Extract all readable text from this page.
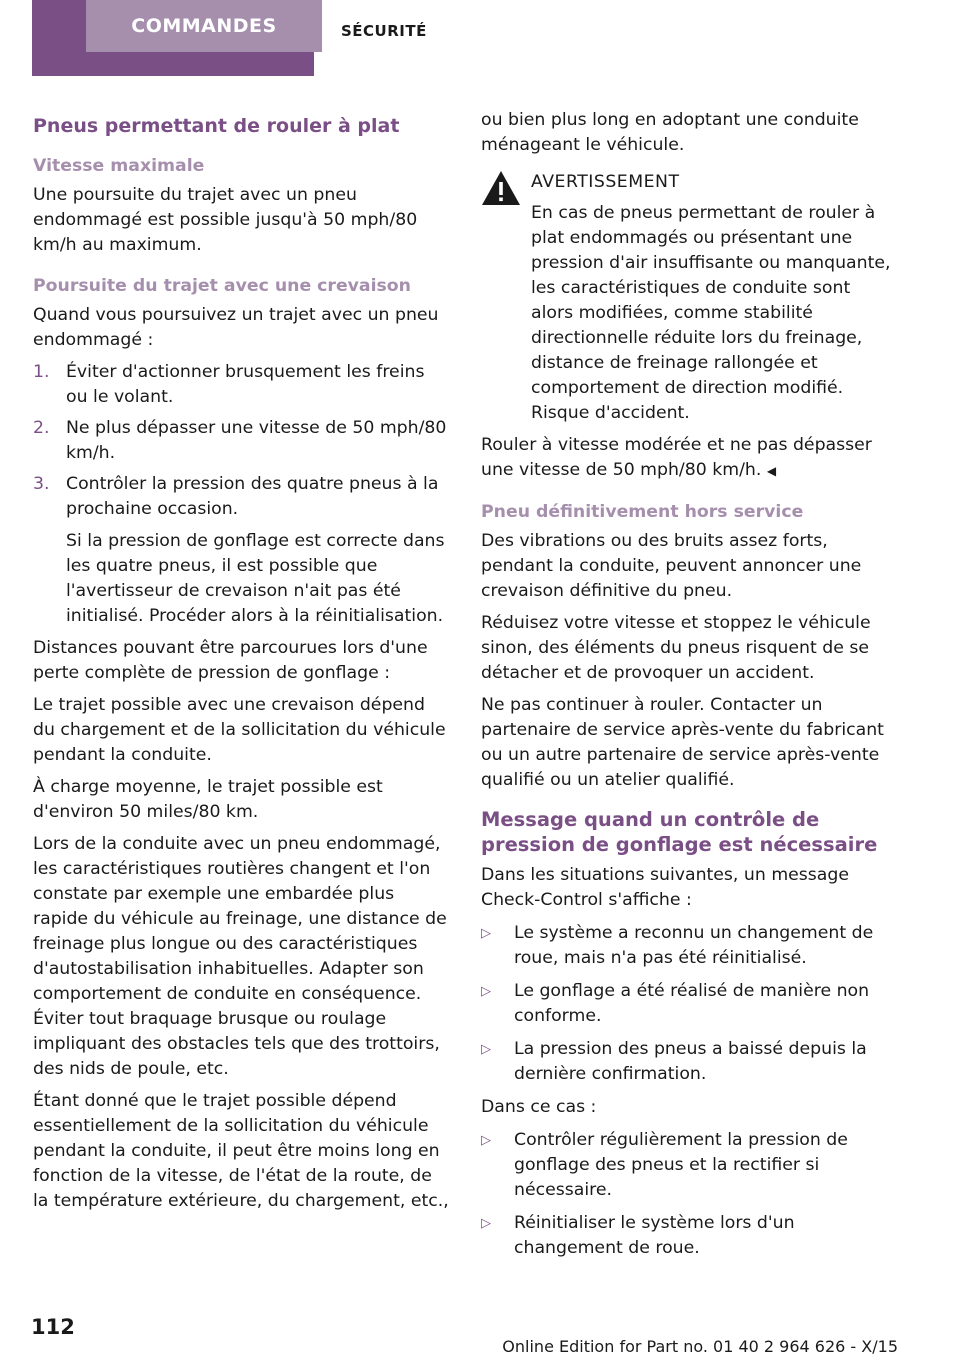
COMMANDES	SÉCURITÉ
Pneus permettant de rouler à plat
Vitesse maximale

Une poursuite du trajet avec un pneu endommagé est possible jusqu'à 50 mph/80 km/h au maximum.

Poursuite du trajet avec une crevaison

Quand vous poursuivez un trajet avec un pneu endommagé :

1. Éviter d'actionner brusquement les freins ou le volant.
2. Ne plus dépasser une vitesse de 50 mph/80 km/h.
3. Contrôler la pression des quatre pneus à la prochaine occasion.
Si la pression de gonflage est correcte dans les quatre pneus, il est possible que l'avertisseur de crevaison n'ait pas été initialisé. Procéder alors à la réinitialisation.

Distances pouvant être parcourues lors d'une perte complète de pression de gonflage :

Le trajet possible avec une crevaison dépend du chargement et de la sollicitation du véhicule pendant la conduite.

À charge moyenne, le trajet possible est d'environ 50 miles/80 km.

Lors de la conduite avec un pneu endommagé, les caractéristiques routières changent et l'on constate par exemple une embardée plus rapide du véhicule au freinage, une distance de freinage plus longue ou des caractéristiques d'autostabilisation inhabituelles. Adapter son comportement de conduite en conséquence. Éviter tout braquage brusque ou roulage impliquant des obstacles tels que des trottoirs, des nids de poule, etc.

Étant donné que le trajet possible dépend essentiellement de la sollicitation du véhicule pendant la conduite, il peut être moins long en fonction de la vitesse, de l'état de la route, de la température extérieure, du chargement, etc.,

ou bien plus long en adoptant une conduite ménageant le véhicule.

AVERTISSEMENT
En cas de pneus permettant de rouler à plat endommagés ou présentant une pression d'air insuffisante ou manquante, les caractéristiques de conduite sont alors modifiées, comme stabilité directionnelle réduite lors du freinage, distance de freinage rallongée et comportement de direction modifié. Risque d'accident.

Rouler à vitesse modérée et ne pas dépasser une vitesse de 50 mph/80 km/h. ◀

Pneu définitivement hors service

Des vibrations ou des bruits assez forts, pendant la conduite, peuvent annoncer une crevaison définitive du pneu.

Réduisez votre vitesse et stoppez le véhicule sinon, des éléments du pneus risquent de se détacher et de provoquer un accident.

Ne pas continuer à rouler. Contacter un partenaire de service après-vente du fabricant ou un autre partenaire de service après-vente qualifié ou un atelier qualifié.

Message quand un contrôle de pression de gonflage est nécessaire

Dans les situations suivantes, un message Check-Control s'affiche :

▷ Le système a reconnu un changement de roue, mais n'a pas été réinitialisé.
▷ Le gonflage a été réalisé de manière non conforme.
▷ La pression des pneus a baissé depuis la dernière confirmation.

Dans ce cas :

▷ Contrôler régulièrement la pression de gonflage des pneus et la rectifier si nécessaire.
▷ Réinitialiser le système lors d'un changement de roue.
112
Online Edition for Part no. 01 40 2 964 626 - X/15
